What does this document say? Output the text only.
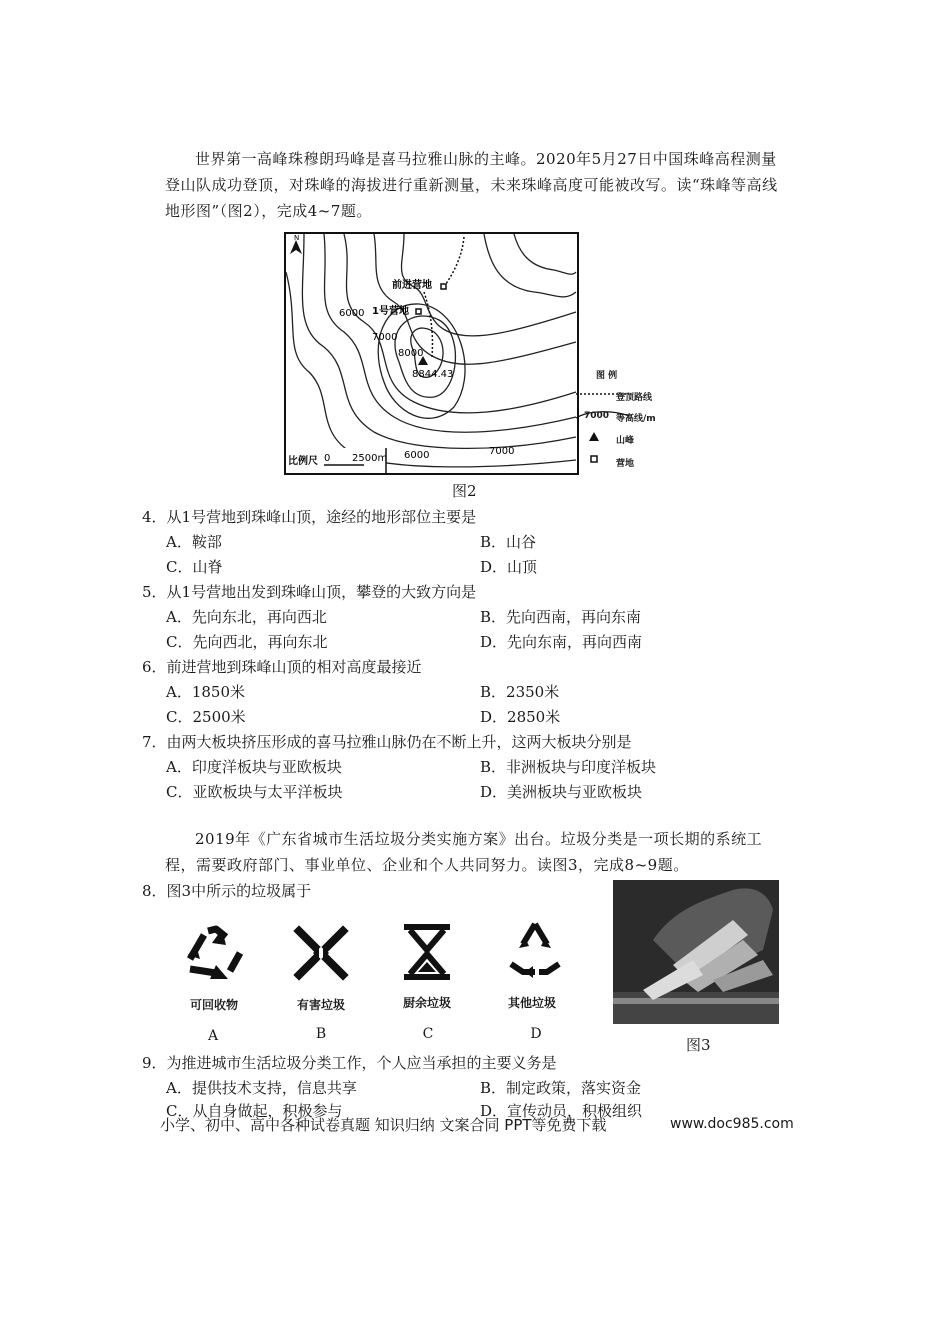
世界第一高峰珠穆朗玛峰是喜马拉雅山脉的主峰。2020年5月27日中国珠峰高程测量登山队成功登顶，对珠峰的海拔进行重新测量，未来珠峰高度可能被改写。读“珠峰等高线地形图”（图2），完成4~7题。
N
前进营地
1号营地
8844.43
6000
7000
8000
6000	7000
比例尺 0 2500m
图 例
登顶路线
7000 等高线/m
山峰
营地
图2
4．从1号营地到珠峰山顶，途经的地形部位主要是
A．鞍部	B．山谷
C．山脊	D．山顶
5．从1号营地出发到珠峰山顶，攀登的大致方向是
A．先向东北，再向西北	B．先向西南，再向东南
C．先向西北，再向东北	D．先向东南，再向西南
6．前进营地到珠峰山顶的相对高度最接近
A．1850米	B．2350米
C．2500米	D．2850米
7．由两大板块挤压形成的喜马拉雅山脉仍在不断上升，这两大板块分别是
A．印度洋板块与亚欧板块	B．非洲板块与印度洋板块
C．亚欧板块与太平洋板块	D．美洲板块与亚欧板块
2019年《广东省城市生活垃圾分类实施方案》出台。垃圾分类是一项长期的系统工程，需要政府部门、事业单位、企业和个人共同努力。读图3，完成8~9题。
8．图3中所示的垃圾属于
可回收物	有害垃圾	厨余垃圾	其他垃圾
A	B	C	D
图3
9．为推进城市生活垃圾分类工作，个人应当承担的主要义务是
A．提供技术支持，信息共享	B．制定政策，落实资金
C．从自身做起，积极参与	D．宣传动员，积极组织
小学、初中、高中各种试卷真题 知识归纳 文案合同 PPT等免费下载	www.doc985.com
